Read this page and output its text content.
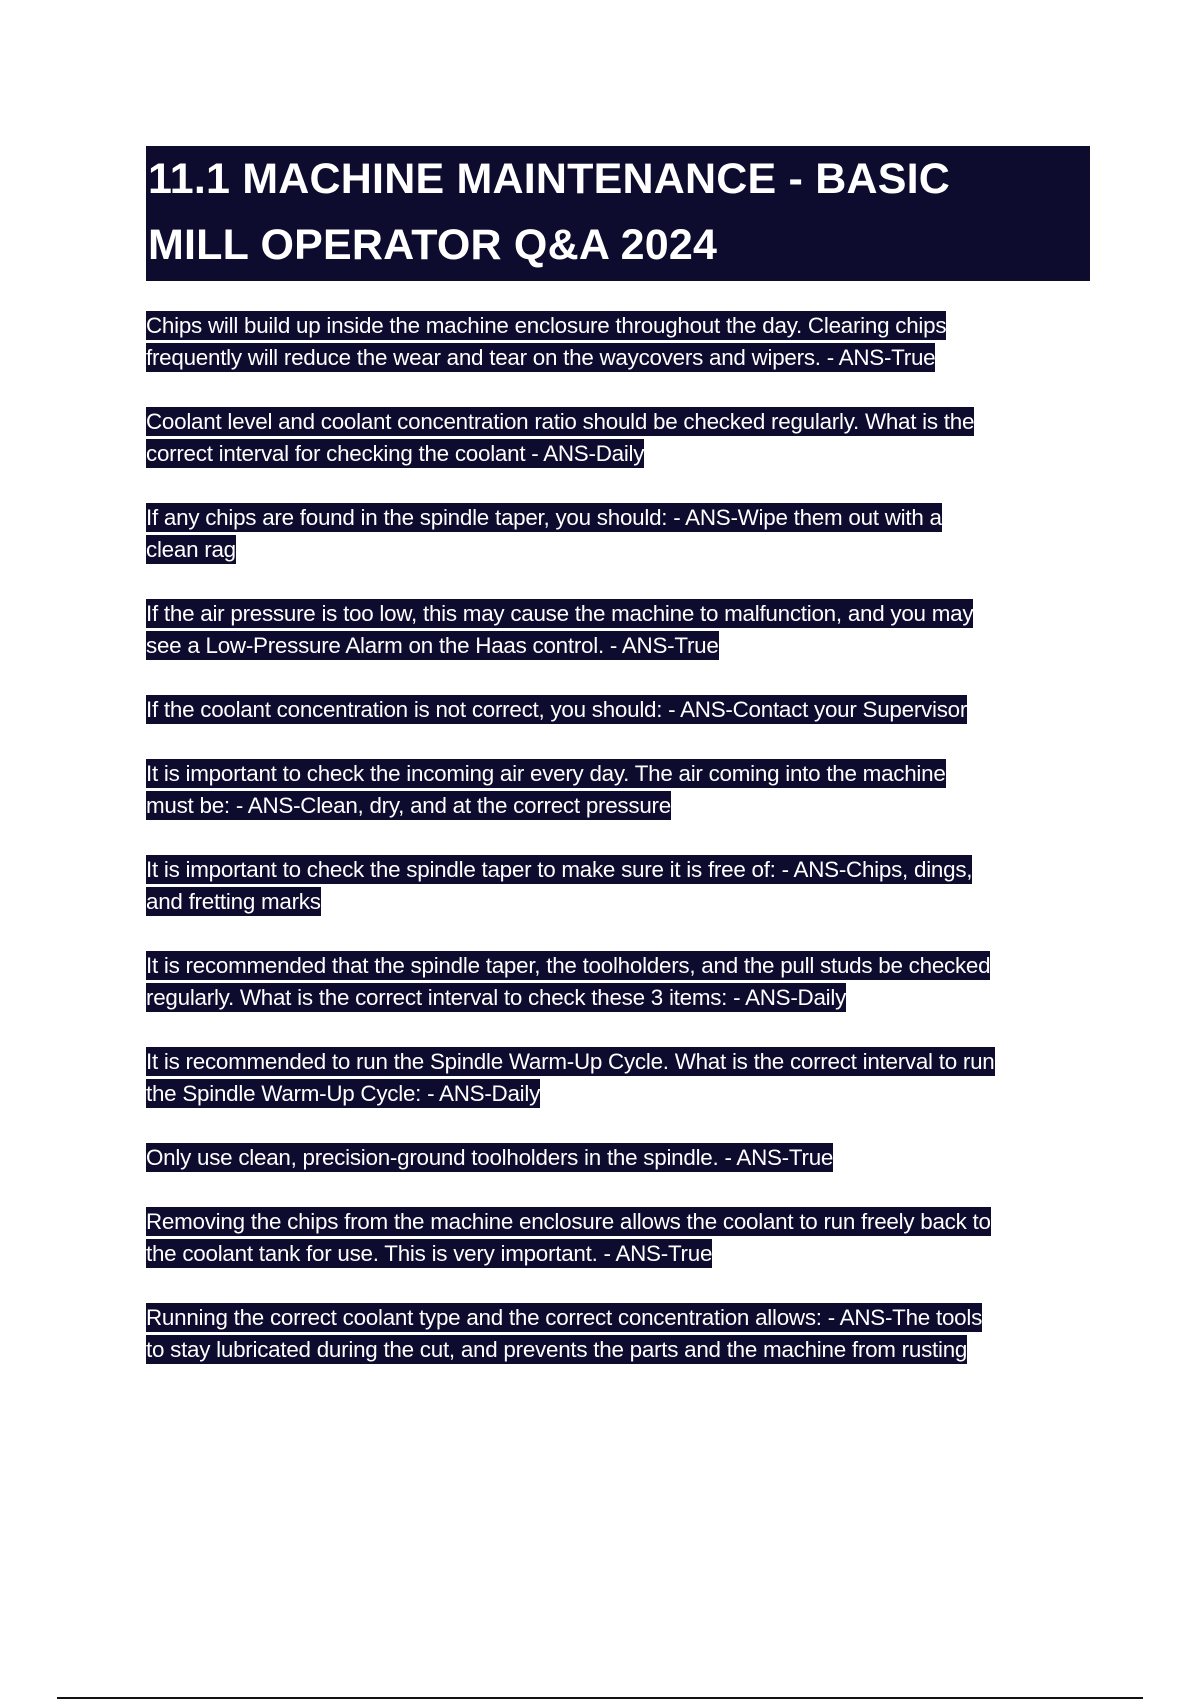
11.1 MACHINE MAINTENANCE - BASIC
MILL OPERATOR Q&A 2024
Chips will build up inside the machine enclosure throughout the day. Clearing chips
frequently will reduce the wear and tear on the waycovers and wipers. - ANS-True
Coolant level and coolant concentration ratio should be checked regularly. What is the
correct interval for checking the coolant - ANS-Daily
If any chips are found in the spindle taper, you should: - ANS-Wipe them out with a
clean rag
If the air pressure is too low, this may cause the machine to malfunction, and you may
see a Low-Pressure Alarm on the Haas control. - ANS-True
If the coolant concentration is not correct, you should: - ANS-Contact your Supervisor
It is important to check the incoming air every day. The air coming into the machine
must be: - ANS-Clean, dry, and at the correct pressure
It is important to check the spindle taper to make sure it is free of: - ANS-Chips, dings,
and fretting marks
It is recommended that the spindle taper, the toolholders, and the pull studs be checked
regularly. What is the correct interval to check these 3 items: - ANS-Daily
It is recommended to run the Spindle Warm-Up Cycle. What is the correct interval to run
the Spindle Warm-Up Cycle: - ANS-Daily
Only use clean, precision-ground toolholders in the spindle. - ANS-True
Removing the chips from the machine enclosure allows the coolant to run freely back to
the coolant tank for use. This is very important. - ANS-True
Running the correct coolant type and the correct concentration allows: - ANS-The tools
to stay lubricated during the cut, and prevents the parts and the machine from rusting
